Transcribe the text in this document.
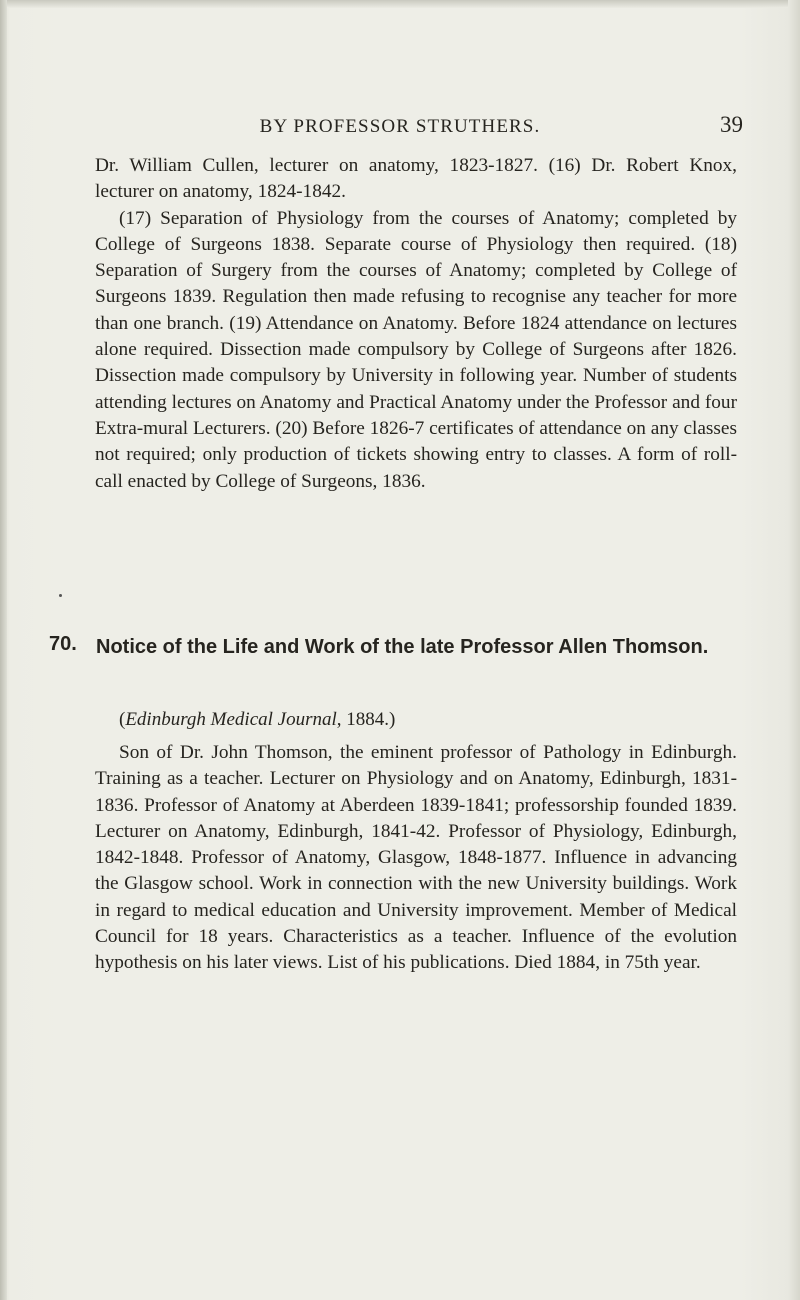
BY PROFESSOR STRUTHERS.	39

Dr. William Cullen, lecturer on anatomy, 1823-1827. (16) Dr. Robert Knox, lecturer on anatomy, 1824-1842.

(17) Separation of Physiology from the courses of Anatomy; completed by College of Surgeons 1838. Separate course of Physiology then required. (18) Separation of Surgery from the courses of Anatomy; completed by College of Surgeons 1839. Regulation then made refusing to recognise any teacher for more than one branch. (19) Attendance on Anatomy. Before 1824 attendance on lectures alone required. Dissection made compulsory by College of Surgeons after 1826. Dissection made compulsory by University in following year. Number of students attending lectures on Anatomy and Practical Anatomy under the Professor and four Extra-mural Lecturers. (20) Before 1826-7 certificates of attendance on any classes not required; only production of tickets showing entry to classes. A form of roll-call enacted by College of Surgeons, 1836.

70. Notice of the Life and Work of the late Professor Allen Thomson.
(Edinburgh Medical Journal, 1884.)

Son of Dr. John Thomson, the eminent professor of Pathology in Edinburgh. Training as a teacher. Lecturer on Physiology and on Anatomy, Edinburgh, 1831-1836. Professor of Anatomy at Aberdeen 1839-1841; professorship founded 1839. Lecturer on Anatomy, Edinburgh, 1841-42. Professor of Physiology, Edinburgh, 1842-1848. Professor of Anatomy, Glasgow, 1848-1877. Influence in advancing the Glasgow school. Work in connection with the new University buildings. Work in regard to medical education and University improvement. Member of Medical Council for 18 years. Characteristics as a teacher. Influence of the evolution hypothesis on his later views. List of his publications. Died 1884, in 75th year.
